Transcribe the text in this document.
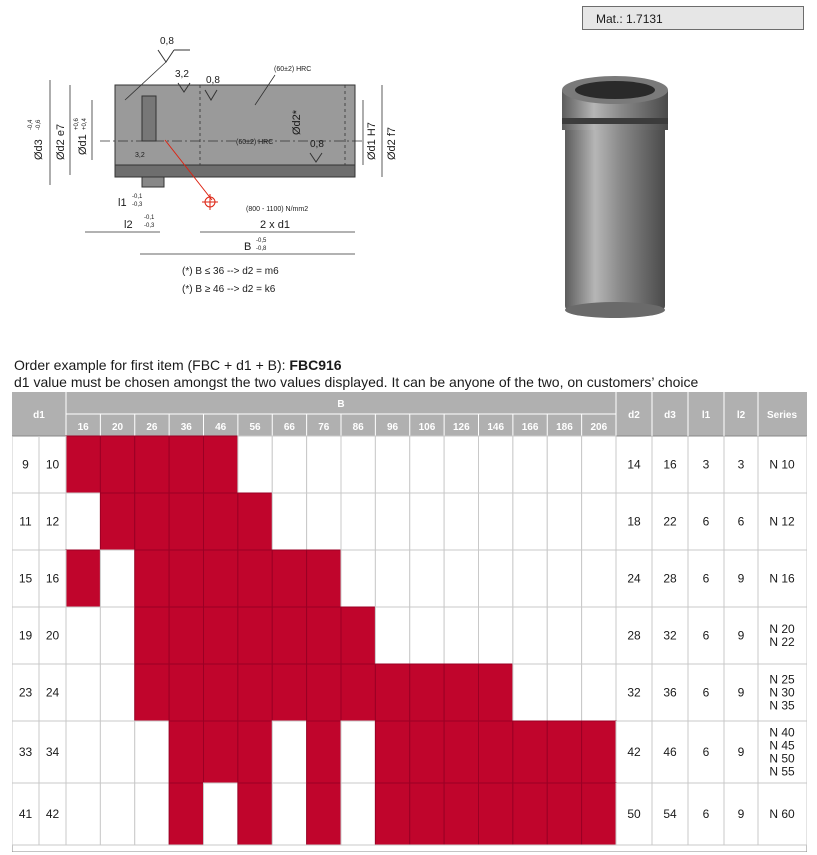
Mat.: 1.7131
0,8
3,2
0,8
(60±2) HRC
(60±2) HRC
3,2
0,8
(800 - 1100) N/mm2
Ød3
-0,4 -0,6 Ød2 e7 Ød1
+0,6 +0,4	Ød2*	Ød1 H7 Ød2 f7
l1 -0,1
-0,3
l2
-0,1
-0,3	2 x d1
B -0,5
-0,8
(*) B ≤ 36 --> d2 = m6
(*) B ≥ 46 --> d2 = k6
Order example for first item (FBC + d1 + B): FBC916
d1 value must be chosen amongst the two values displayed. It can be anyone of the two, on customers’ choice
16 20 26 36 46 56 66 76 86 96 106 126 146 166 186 206
d1
B
d2 d3	l1	l2 Series
9 10	14 16 3 3 N 10
11 12	18 22 6 6 N 12
15 16	24 28 6 9 N 16
19 20	28 32 6 9 N 20
N 22
23 24	32 36 6 9
N 25
N 30
N 35
33 34	42 46 6 9
N 40
N 45
N 50
N 55
41 42	50 54 6 9 N 60
